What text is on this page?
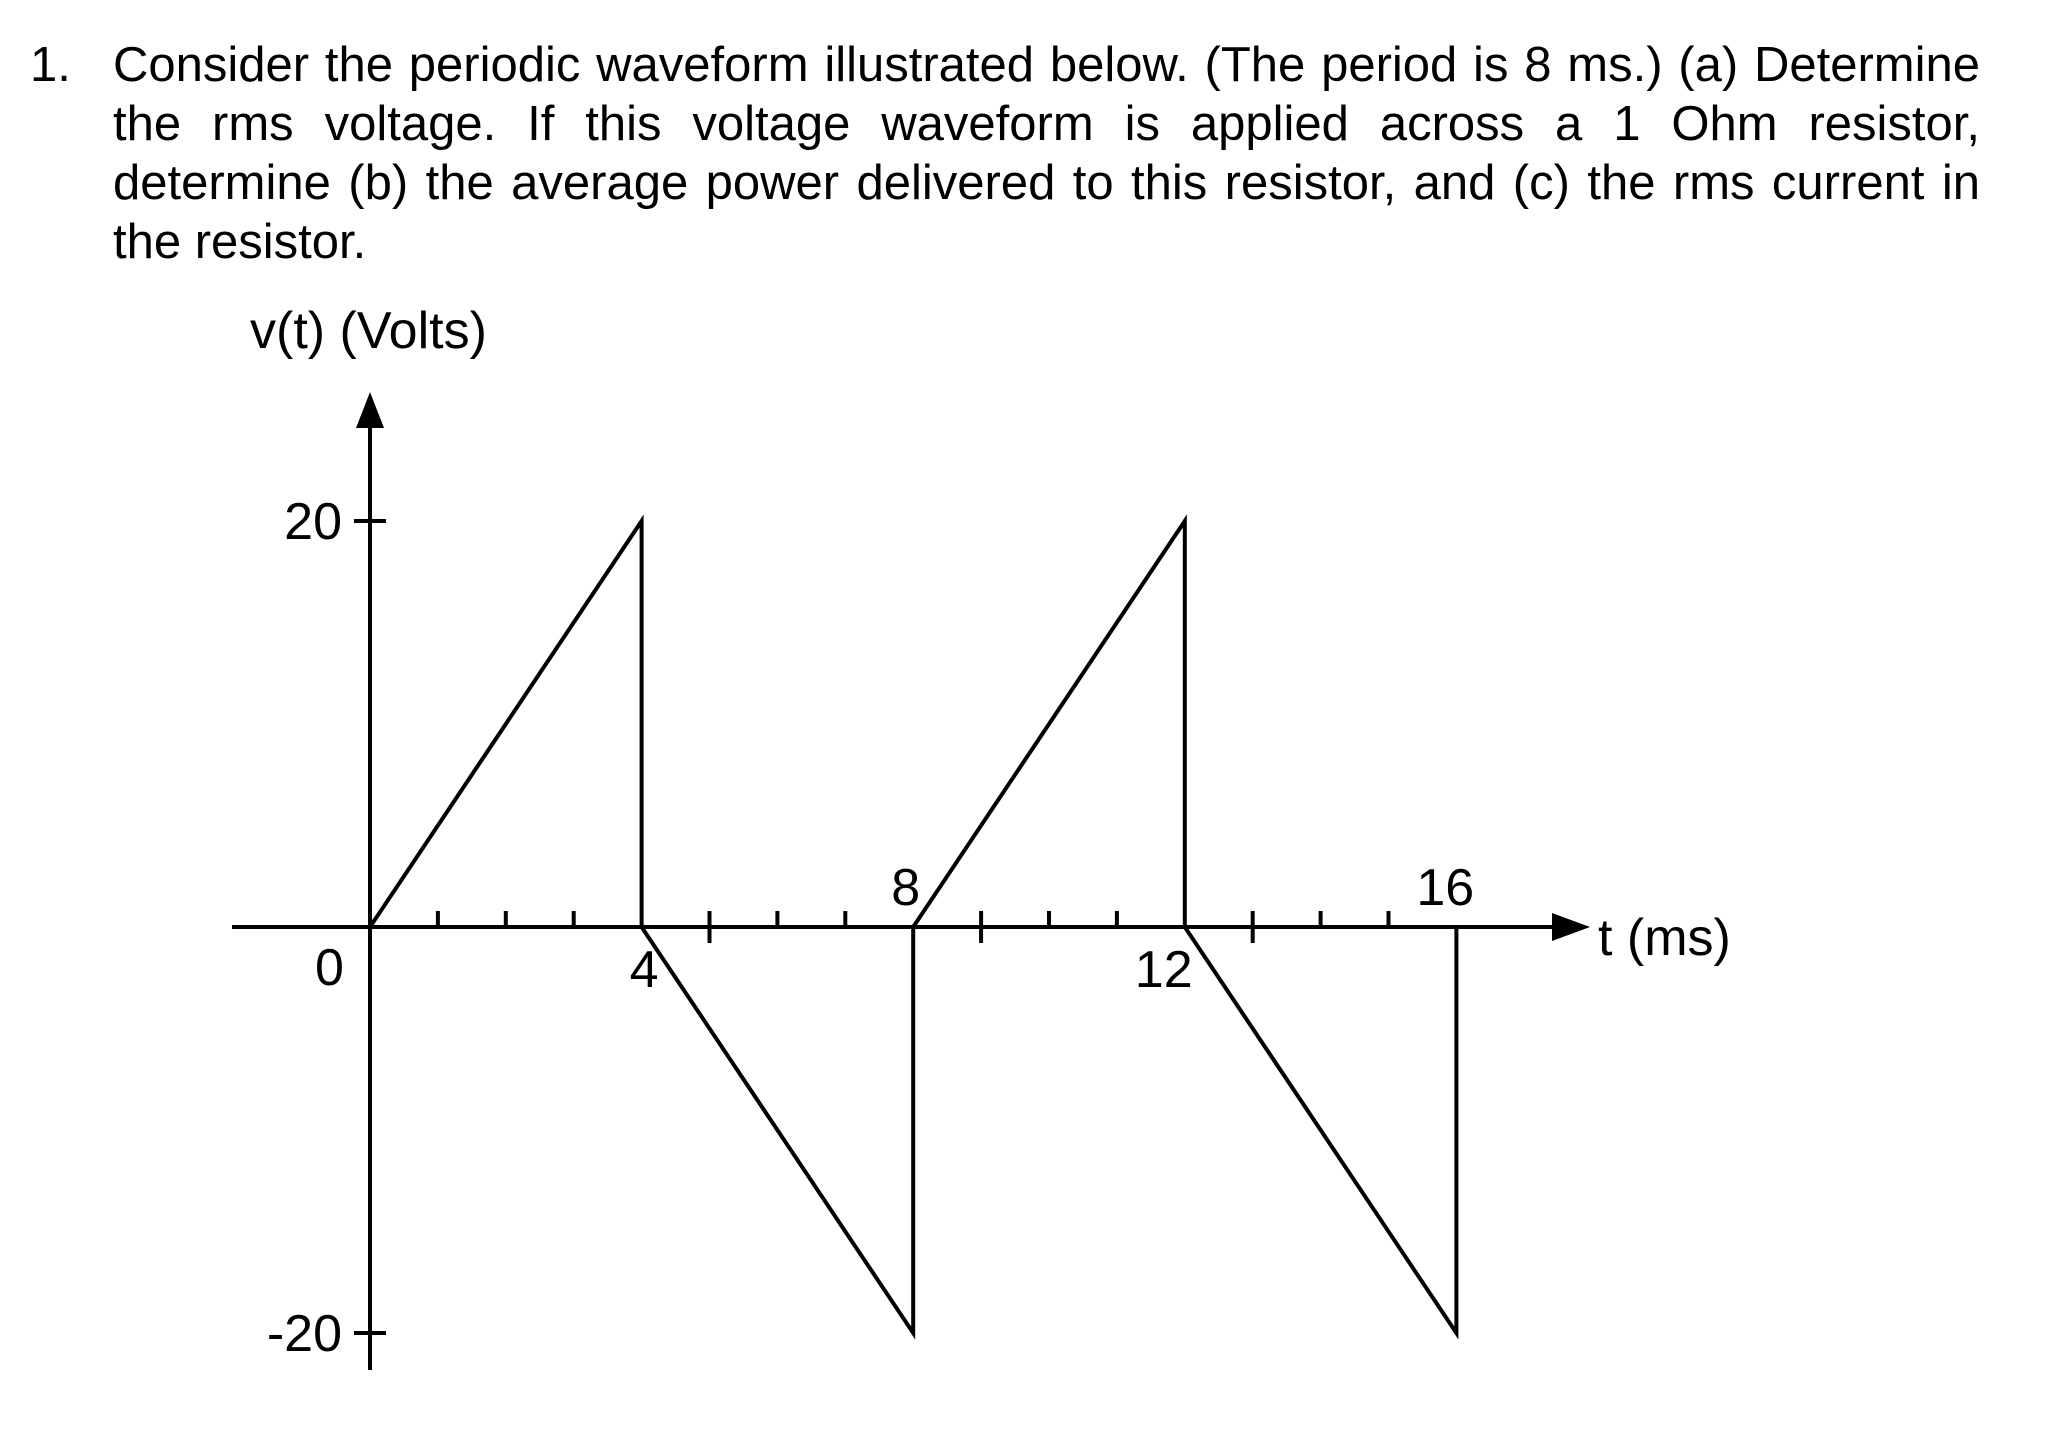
1. Consider the periodic waveform illustrated below. (The period is 8 ms.) (a) Determine the rms voltage. If this voltage waveform is applied across a 1 Ohm resistor, determine (b) the average power delivered to this resistor, and (c) the rms current in the resistor.
v(t) (Volts)
t (ms)
0	4
8
12
16
20
-20
